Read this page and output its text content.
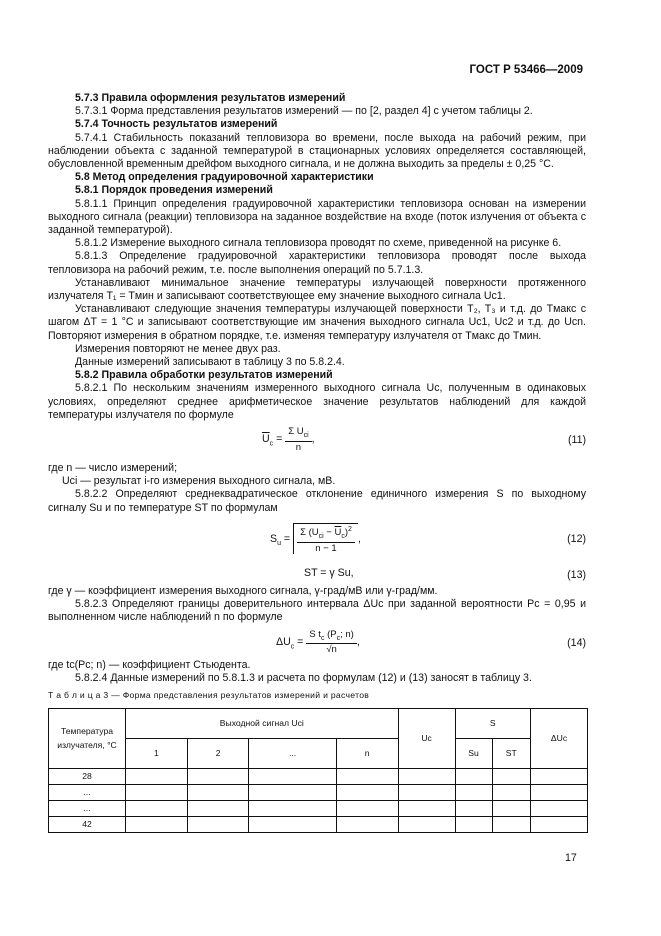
ГОСТ Р 53466—2009

5.7.3 Правила оформления результатов измерений

5.7.3.1 Форма представления результатов измерений — по [2, раздел 4] с учетом таблицы 2.

5.7.4 Точность результатов измерений

5.7.4.1 Стабильность показаний тепловизора во времени, после выхода на рабочий режим, при наблюдении объекта с заданной температурой в стационарных условиях определяется составляющей, обусловленной временным дрейфом выходного сигнала, и не должна выходить за пределы ± 0,25 °С.

5.8 Метод определения градуировочной характеристики

5.8.1 Порядок проведения измерений

5.8.1.1 Принцип определения градуировочной характеристики тепловизора основан на измерении выходного сигнала (реакции) тепловизора на заданное воздействие на входе (поток излучения от объекта с заданной температурой).

5.8.1.2 Измерение выходного сигнала тепловизора проводят по схеме, приведенной на рисунке 6.

5.8.1.3 Определение градуировочной характеристики тепловизора проводят после выхода тепловизора на рабочий режим, т.е. после выполнения операций по 5.7.1.3.

Устанавливают минимальное значение температуры излучающей поверхности протяженного излучателя T₁ = Tмин и записывают соответствующее ему значение выходного сигнала Uс1.

Устанавливают следующие значения температуры излучающей поверхности T₂, T₃ и т.д. до Tмакс с шагом ΔT = 1 °С и записывают соответствующие им значения выходного сигнала Uс1, Uс2 и т.д. до Uсn. Повторяют измерения в обратном порядке, т.е. изменяя температуру излучателя от Tмакс до Tмин.

Измерения повторяют не менее двух раз.

Данные измерений записывают в таблицу 3 по 5.8.2.4.

5.8.2 Правила обработки результатов измерений

5.8.2.1 По нескольким значениям измеренного выходного сигнала Uс, полученным в одинаковых условиях, определяют среднее арифметическое значение результатов наблюдений для каждой температуры излучателя по формуле

$\overline{U}_с = \frac{\Sigma U_{сi}}{n}$ ,	(11)

где n — число измерений;

Uсi — результат i-го измерения выходного сигнала, мВ.

5.8.2.2 Определяют среднеквадратическое отклонение единичного измерения S по выходному сигналу Su и по температуре ST по формулам

$S_u = \frac{\Sigma (U_{сi} - \overline{U}_с)^2}{n - 1}$ ,	(12)
ST = γ Su,	(13)

где γ — коэффициент измерения выходного сигнала, γ-град/мВ или γ-град/мм.

5.8.2.3 Определяют границы доверительного интервала ΔUс при заданной вероятности Pс = 0,95 и выполненном числе наблюдений n по формуле

$\Delta U_с = \frac{S t_с (P_с; n)}{√n}$ ,	(14)

где tс(Pс; n) — коэффициент Стьюдента.

5.8.2.4 Данные измерений по 5.8.1.3 и расчета по формулам (12) и (13) заносят в таблицу 3.

Т а б л и ц а 3 — Форма представления результатов измерений и расчетов
Температура излучателя, °С	Выходной сигнал Uсi				Uс	S		ΔUс
	1	2	...	n		Su	ST	
28								
...								
...								
42								
17
